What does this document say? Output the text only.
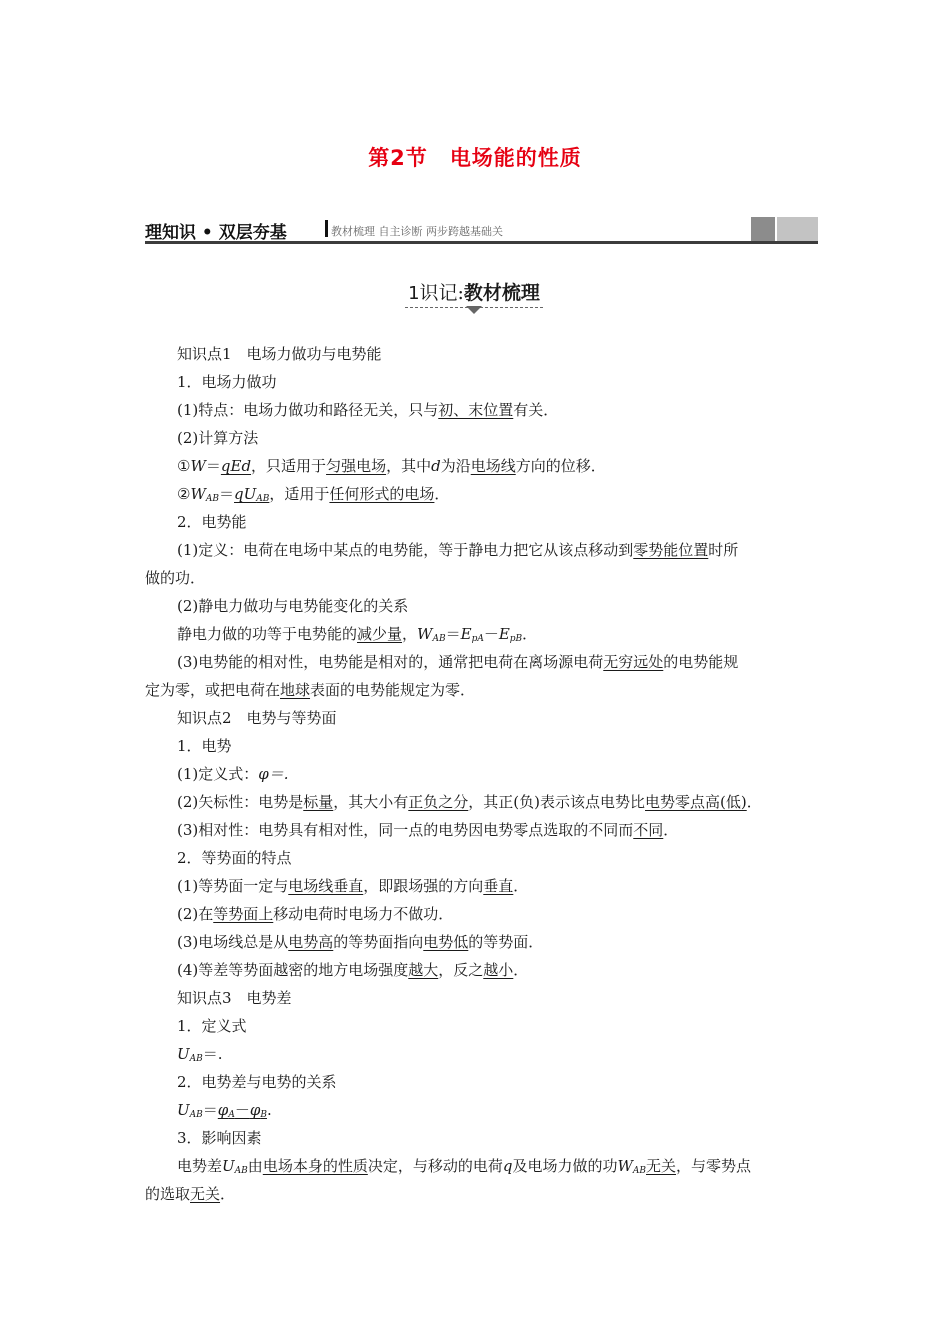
第2节 电场能的性质
理知识 • 双层夯基	教材梳理 自主诊断 两步跨越基础关
1识记:教材梳理
知识点1　电场力做功与电势能
1．电场力做功
(1)特点：电场力做功和路径无关，只与初、末位置有关．
(2)计算方法
①W＝qEd，只适用于匀强电场，其中d为沿电场线方向的位移．
$②W_{AB}=qU_{AB}$，适用于任何形式的电场．
2．电势能
(1)定义：电荷在电场中某点的电势能，等于静电力把它从该点移动到零势能位置时所
做的功．
(2)静电力做功与电势能变化的关系
静电力做的功等于电势能的减少量，$W_{AB}=E_{pA}-E_{pB}$．
(3)电势能的相对性，电势能是相对的，通常把电荷在离场源电荷无穷远处的电势能规
定为零，或把电荷在地球表面的电势能规定为零．
知识点2　电势与等势面
1．电势
(1)定义式：φ＝.
(2)矢标性：电势是标量，其大小有正负之分，其正(负)表示该点电势比电势零点高(低)．
(3)相对性：电势具有相对性，同一点的电势因电势零点选取的不同而不同．
2．等势面的特点
(1)等势面一定与电场线垂直，即跟场强的方向垂直．
(2)在等势面上移动电荷时电场力不做功．
(3)电场线总是从电势高的等势面指向电势低的等势面．
(4)等差等势面越密的地方电场强度越大，反之越小．
知识点3　电势差
1．定义式
$U_{AB}=$.
2．电势差与电势的关系
$U_{AB}=\varphi_A-\varphi_B$.
3．影响因素
电势差$U_{AB}$由电场本身的性质决定，与移动的电荷q及电场力做的功$W_{AB}$无关，与零势点
的选取无关．
